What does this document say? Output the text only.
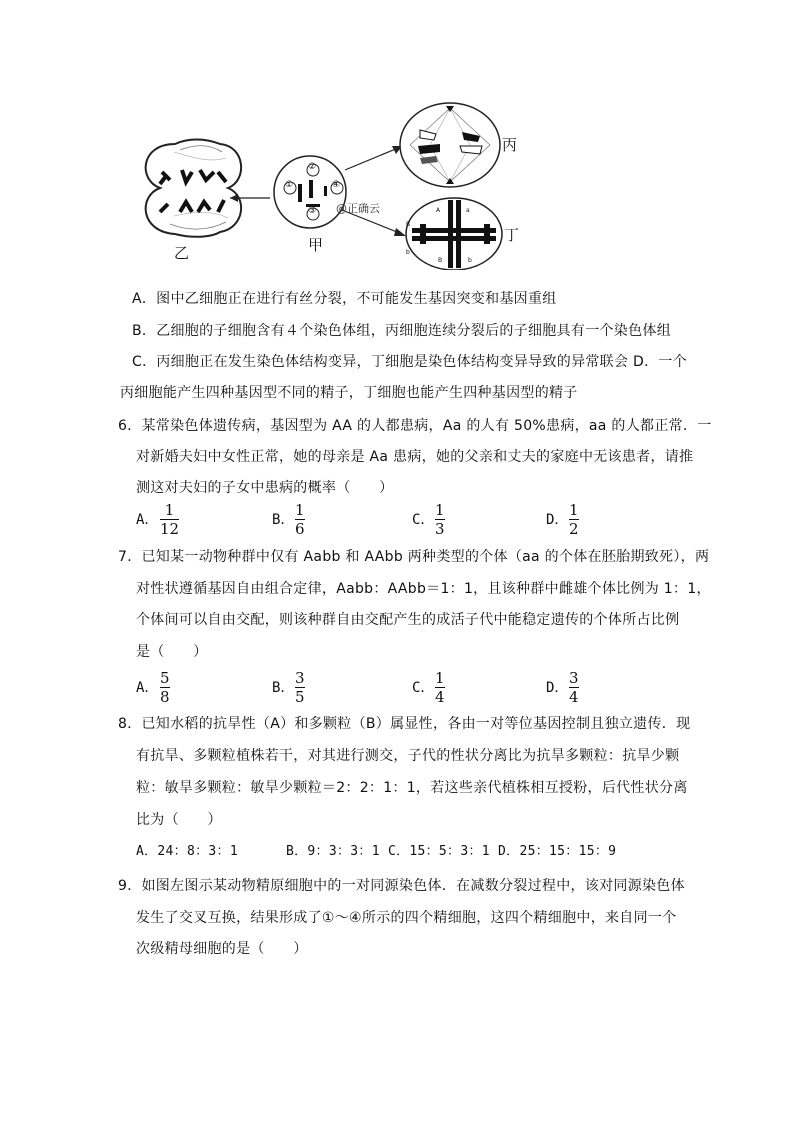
A	a
B
b
B	b
①
②
③
④
乙	甲
丙
丁
@正确云
A．图中乙细胞正在进行有丝分裂，不可能发生基因突变和基因重组
B．乙细胞的子细胞含有４个染色体组，丙细胞连续分裂后的子细胞具有一个染色体组
C．丙细胞正在发生染色体结构变异，丁细胞是染色体结构变异导致的异常联会 D．一个
丙细胞能产生四种基因型不同的精子，丁细胞也能产生四种基因型的精子
6．某常染色体遗传病，基因型为 AA 的人都患病，Aa 的人有 50%患病，aa 的人都正常．一
对新婚夫妇中女性正常，她的母亲是 Aa 患病，她的父亲和丈夫的家庭中无该患者，请推
测这对夫妇的子女中患病的概率（　　）
A．
1
12	B．
1
6	C．
1
3	D．
1
2
7．已知某一动物种群中仅有 Aabb 和 AAbb 两种类型的个体（aa 的个体在胚胎期致死），两
对性状遵循基因自由组合定律，Aabb：AAbb＝1：1，且该种群中雌雄个体比例为 1：1，
个体间可以自由交配，则该种群自由交配产生的成活子代中能稳定遗传的个体所占比例
是（　　）
A．
5
8	B．
3
5	C．
1
4	D．
3
4
8．已知水稻的抗旱性（A）和多颗粒（B）属显性，各由一对等位基因控制且独立遗传．现
有抗旱、多颗粒植株若干，对其进行测交，子代的性状分离比为抗旱多颗粒：抗旱少颗
粒：敏旱多颗粒：敏旱少颗粒＝2：2：1：1，若这些亲代植株相互授粉，后代性状分离
比为（　　）
A．24：8：3：1　　　 B．9：3：3：1 C．15：5：3：1 D．25：15：15：9
9．如图左图示某动物精原细胞中的一对同源染色体．在减数分裂过程中，该对同源染色体
发生了交叉互换，结果形成了①～④所示的四个精细胞，这四个精细胞中，来自同一个
次级精母细胞的是（　　）
